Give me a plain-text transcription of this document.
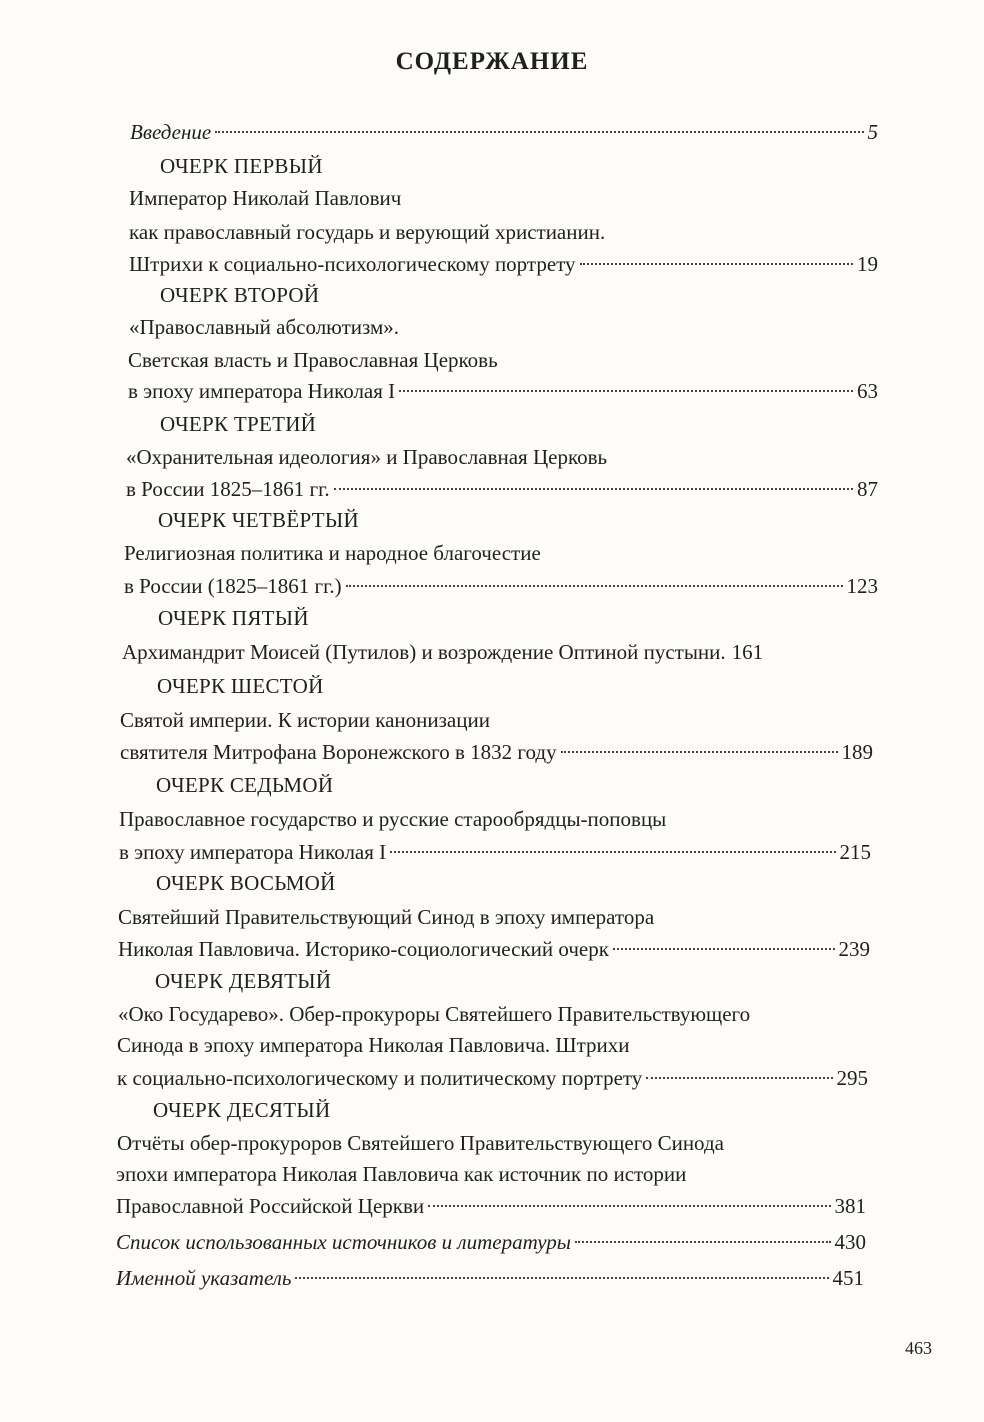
СОДЕРЖАНИЕ
Введение	5
ОЧЕРК ПЕРВЫЙ
Император Николай Павлович
как православный государь и верующий христианин.
Штрихи к социально-психологическому портрету	19
ОЧЕРК ВТОРОЙ
«Православный абсолютизм».
Светская власть и Православная Церковь
в эпоху императора Николая I	63
ОЧЕРК ТРЕТИЙ
«Охранительная идеология» и Православная Церковь
в России 1825–1861 гг.	87
ОЧЕРК ЧЕТВЁРТЫЙ
Религиозная политика и народное благочестие
в России (1825–1861 гг.)	123
ОЧЕРК ПЯТЫЙ
Архимандрит Моисей (Путилов) и возрождение Оптиной пустыни. 161
ОЧЕРК ШЕСТОЙ
Святой империи. К истории канонизации
святителя Митрофана Воронежского в 1832 году	189
ОЧЕРК СЕДЬМОЙ
Православное государство и русские старообрядцы-поповцы
в эпоху императора Николая I	215
ОЧЕРК ВОСЬМОЙ
Святейший Правительствующий Синод в эпоху императора
Николая Павловича. Историко-социологический очерк	239
ОЧЕРК ДЕВЯТЫЙ
«Око Государево». Обер-прокуроры Святейшего Правительствующего
Синода в эпоху императора Николая Павловича. Штрихи
к социально-психологическому и политическому портрету	295
ОЧЕРК ДЕСЯТЫЙ
Отчёты обер-прокуроров Святейшего Правительствующего Синода
эпохи императора Николая Павловича как источник по истории
Православной Российской Церкви	381
Список использованных источников и литературы	430
Именной указатель	451
463
